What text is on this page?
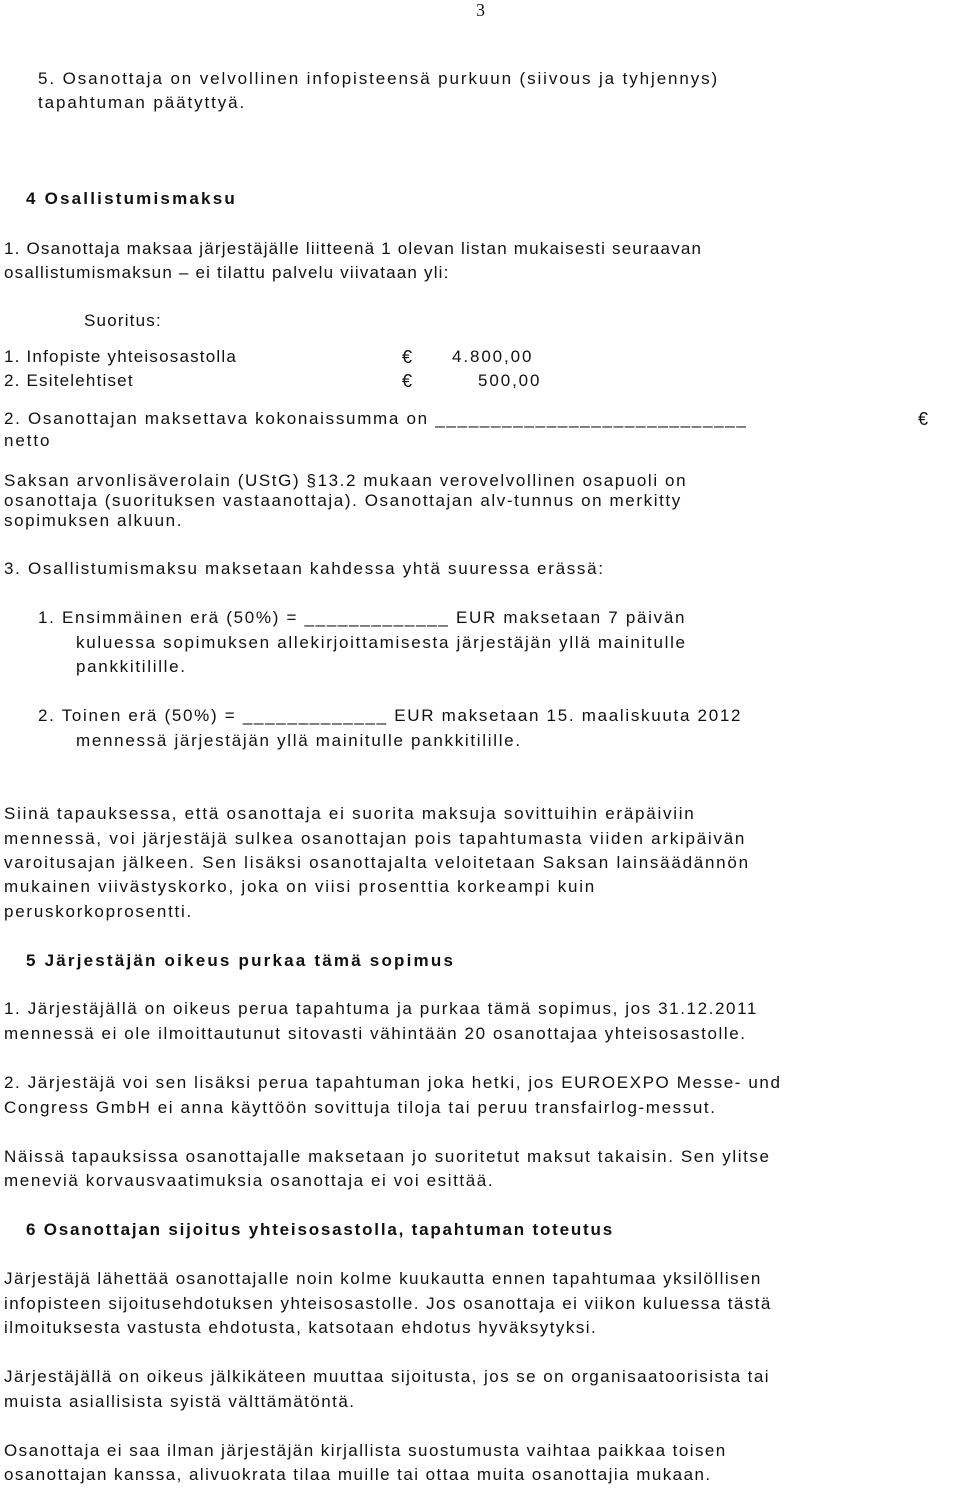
3
5. Osanottaja on velvollinen infopisteensä purkuun (siivous ja tyhjennys)
tapahtuman päätyttyä.
4 Osallistumismaksu
1. Osanottaja maksaa järjestäjälle liitteenä 1 olevan listan mukaisesti seuraavan
osallistumismaksun – ei tilattu palvelu viivataan yli:
Suoritus:
1. Infopiste yhteisosastolla	€ 4.800,00
2. Esitelehtiset	€	500,00
2. Osanottajan maksettava kokonaissumma on ____________________________	€
netto
Saksan arvonlisäverolain (UStG) §13.2 mukaan verovelvollinen osapuoli on
osanottaja (suorituksen vastaanottaja). Osanottajan alv-tunnus on merkitty
sopimuksen alkuun.
3. Osallistumismaksu maksetaan kahdessa yhtä suuressa erässä:
1. Ensimmäinen erä (50%) = _____________ EUR maksetaan 7 päivän
kuluessa sopimuksen allekirjoittamisesta järjestäjän yllä mainitulle
pankkitilille.
2. Toinen erä (50%) = _____________ EUR maksetaan 15. maaliskuuta 2012
mennessä järjestäjän yllä mainitulle pankkitilille.
Siinä tapauksessa, että osanottaja ei suorita maksuja sovittuihin eräpäiviin
mennessä, voi järjestäjä sulkea osanottajan pois tapahtumasta viiden arkipäivän
varoitusajan jälkeen. Sen lisäksi osanottajalta veloitetaan Saksan lainsäädännön
mukainen viivästyskorko, joka on viisi prosenttia korkeampi kuin
peruskorkoprosentti.
5 Järjestäjän oikeus purkaa tämä sopimus
1. Järjestäjällä on oikeus perua tapahtuma ja purkaa tämä sopimus, jos 31.12.2011
mennessä ei ole ilmoittautunut sitovasti vähintään 20 osanottajaa yhteisosastolle.
2. Järjestäjä voi sen lisäksi perua tapahtuman joka hetki, jos EUROEXPO Messe- und
Congress GmbH ei anna käyttöön sovittuja tiloja tai peruu transfairlog-messut.
Näissä tapauksissa osanottajalle maksetaan jo suoritetut maksut takaisin. Sen ylitse
meneviä korvausvaatimuksia osanottaja ei voi esittää.
6 Osanottajan sijoitus yhteisosastolla, tapahtuman toteutus
Järjestäjä lähettää osanottajalle noin kolme kuukautta ennen tapahtumaa yksilöllisen
infopisteen sijoitusehdotuksen yhteisosastolle. Jos osanottaja ei viikon kuluessa tästä
ilmoituksesta vastusta ehdotusta, katsotaan ehdotus hyväksytyksi.
Järjestäjällä on oikeus jälkikäteen muuttaa sijoitusta, jos se on organisaatoorisista tai
muista asiallisista syistä välttämätöntä.
Osanottaja ei saa ilman järjestäjän kirjallista suostumusta vaihtaa paikkaa toisen
osanottajan kanssa, alivuokrata tilaa muille tai ottaa muita osanottajia mukaan.
